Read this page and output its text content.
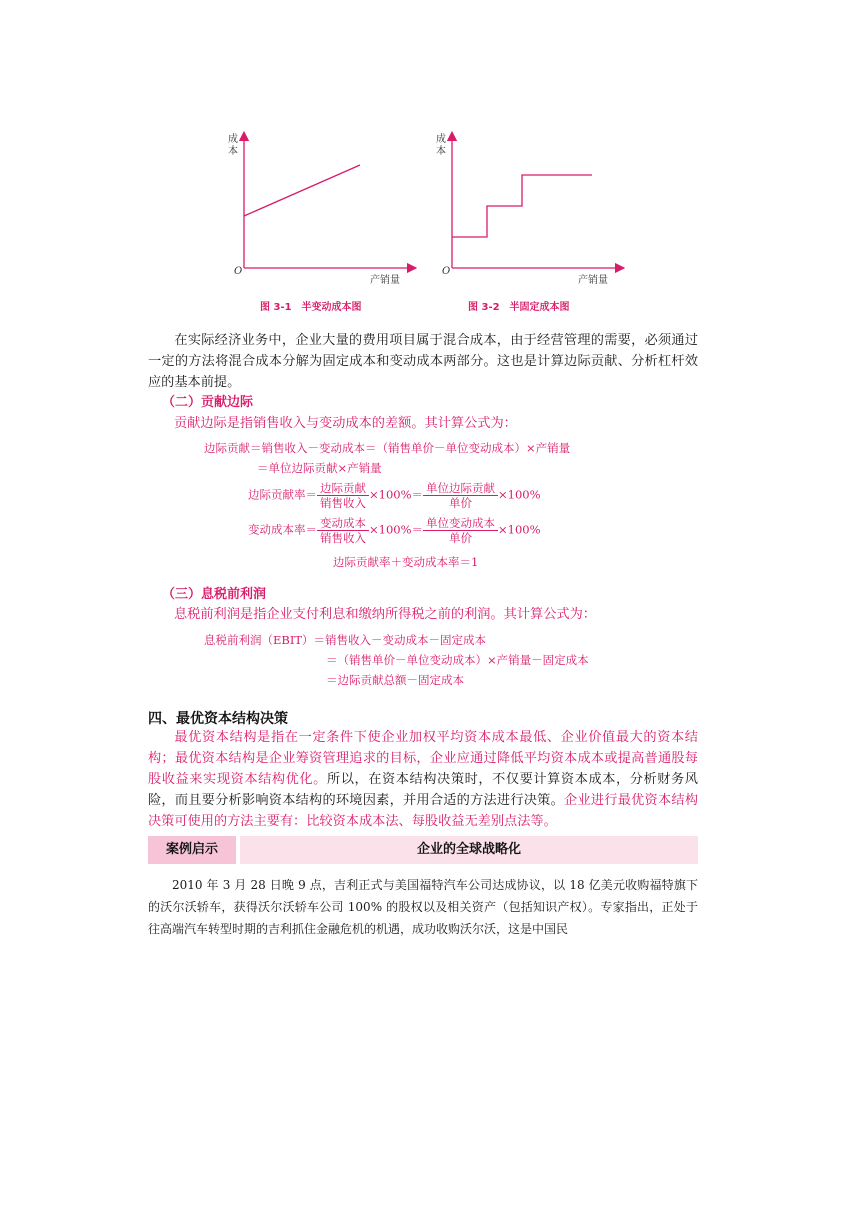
成
本
O
产销量
图 3-1　半变动成本图
成
本
O
产销量
图 3-2　半固定成本图

在实际经济业务中，企业大量的费用项目属于混合成本，由于经营管理的需要，必须通过一定的方法将混合成本分解为固定成本和变动成本两部分。这也是计算边际贡献、分析杠杆效应的基本前提。

（二）贡献边际
贡献边际是指销售收入与变动成本的差额。其计算公式为：
边际贡献＝销售收入－变动成本＝（销售单价－单位变动成本）×产销量
＝单位边际贡献×产销量
边际贡献率＝ $\frac{\text{边际贡献}}{\text{销售收入}} \times 100\%= \frac{\text{单位边际贡献}}{\text{单价}} \times 100\%$
变动成本率＝ $\frac{\text{变动成本}}{\text{销售收入}} \times 100\%= \frac{\text{单位变动成本}}{\text{单价}} \times 100\%$
边际贡献率＋变动成本率＝1
（三）息税前利润
息税前利润是指企业支付利息和缴纳所得税之前的利润。其计算公式为：
息税前利润（EBIT）＝销售收入－变动成本－固定成本
＝（销售单价－单位变动成本）×产销量－固定成本
＝边际贡献总额－固定成本
四、最优资本结构决策

最优资本结构是指在一定条件下使企业加权平均资本成本最低、企业价值最大的资本结构；最优资本结构是企业筹资管理追求的目标，企业应通过降低平均资本成本或提高普通股每股收益来实现资本结构优化。所以，在资本结构决策时，不仅要计算资本成本，分析财务风险，而且要分析影响资本结构的环境因素，并用合适的方法进行决策。企业进行最优资本结构决策可使用的方法主要有：比较资本成本法、每股收益无差别点法等。

案例启示	企业的全球战略化

2010 年 3 月 28 日晚 9 点，吉利正式与美国福特汽车公司达成协议，以 18 亿美元收购福特旗下的沃尔沃轿车，获得沃尔沃轿车公司 100% 的股权以及相关资产（包括知识产权）。专家指出，正处于往高端汽车转型时期的吉利抓住金融危机的机遇，成功收购沃尔沃，这是中国民
